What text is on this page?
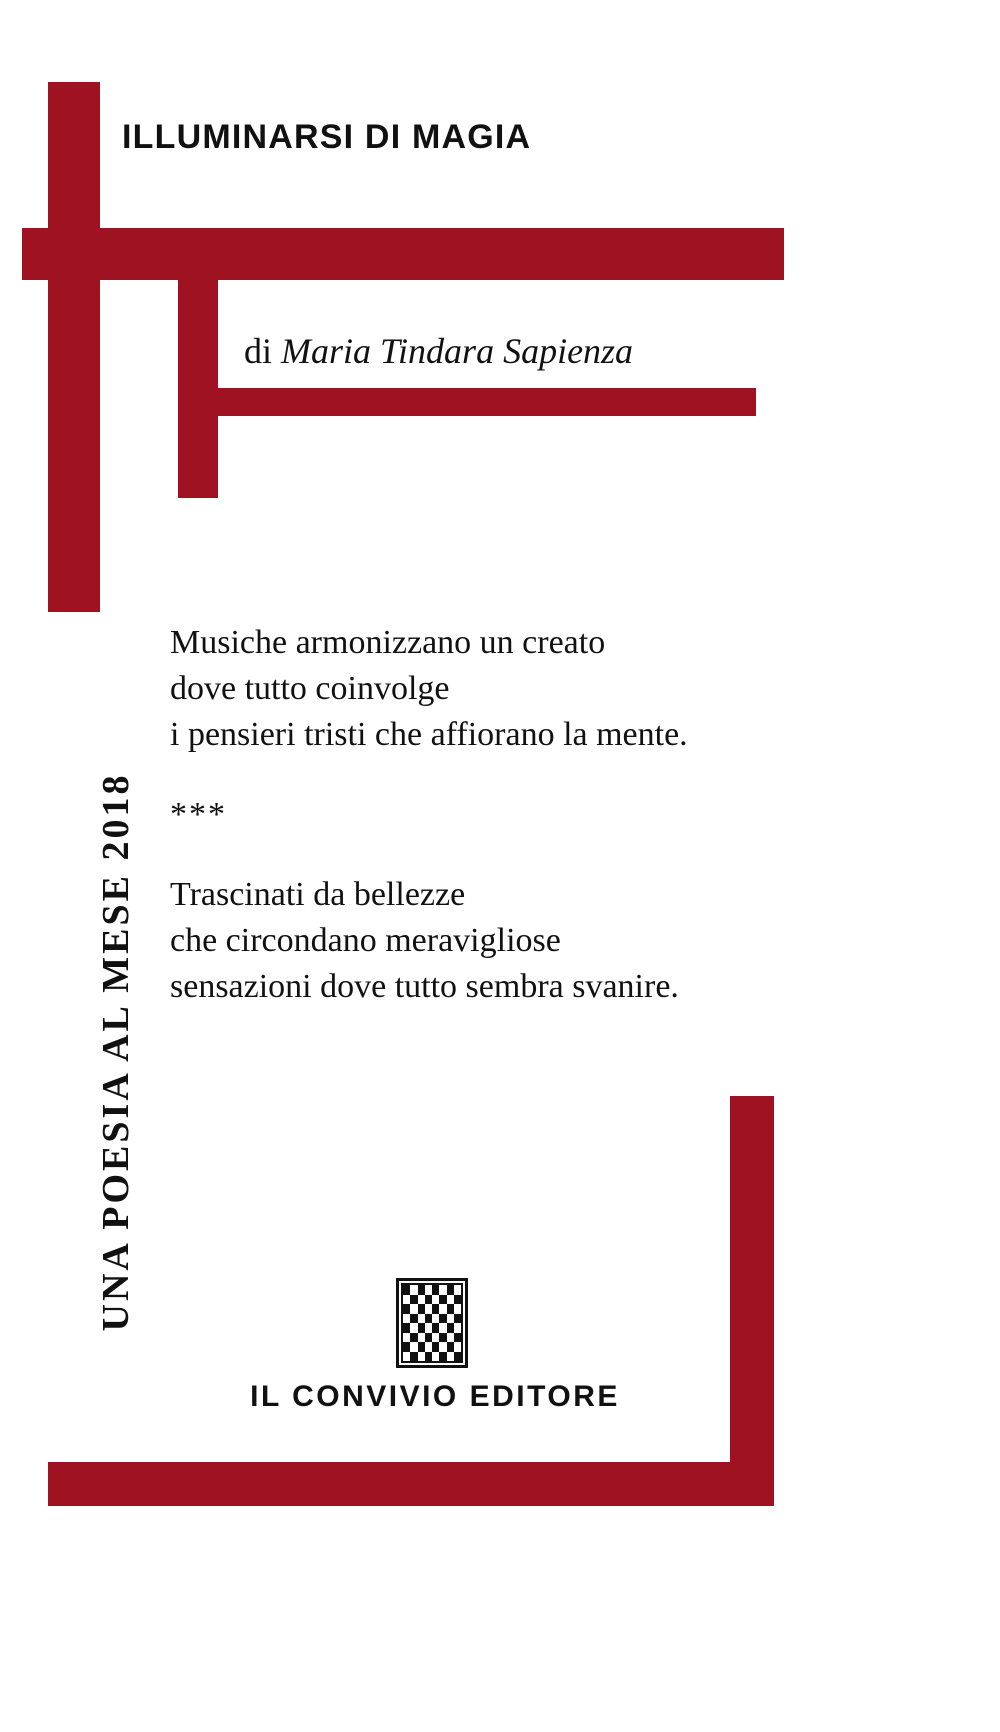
ILLUMINARSI DI MAGIA
di Maria Tindara Sapienza
UNA POESIA AL MESE 2018
Musiche armonizzano un creato
dove tutto coinvolge
i pensieri tristi che affiorano la mente.
***
Trascinati da bellezze
che circondano meravigliose
sensazioni dove tutto sembra svanire.
IL CONVIVIO EDITORE
